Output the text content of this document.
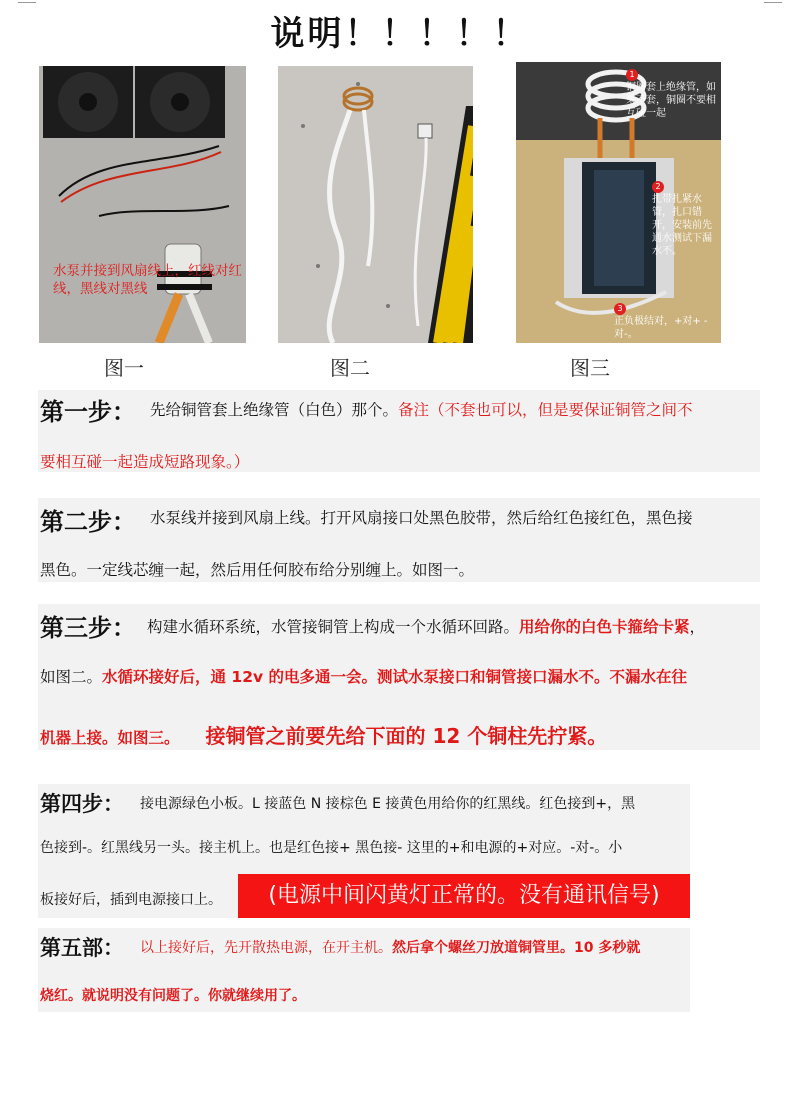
说明！！！！！
水泵并接到风扇线上，红线对红线，黑线对黑线
图一	图二
1
铜圈套上绝缘管，如果不套，铜圈不要相互碰一起
2
扎带扎紧水管，扎口错开，安装前先通水测试下漏水不。
3
正负极结对，+对+ -对-。
图三
第一步： 先给铜管套上绝缘管（白色）那个。备注（不套也可以，但是要保证铜管之间不
要相互碰一起造成短路现象。）
第二步： 水泵线并接到风扇上线。打开风扇接口处黑色胶带，然后给红色接红色，黑色接
黑色。一定线芯缠一起，然后用任何胶布给分别缠上。如图一。
第三步： 构建水循环系统，水管接铜管上构成一个水循环回路。用给你的白色卡箍给卡紧，
如图二。水循环接好后，通 12v 的电多通一会。测试水泵接口和铜管接口漏水不。不漏水在往
机器上接。如图三。 接铜管之前要先给下面的 12 个铜柱先拧紧。
第四步： 接电源绿色小板。L 接蓝色 N 接棕色 E 接黄色用给你的红黑线。红色接到+，黑
色接到-。红黑线另一头。接主机上。也是红色接+ 黑色接- 这里的+和电源的+对应。-对-。小
板接好后，插到电源接口上。	(电源中间闪黄灯正常的。没有通讯信号)
第五部： 以上接好后，先开散热电源，在开主机。然后拿个螺丝刀放道铜管里。10 多秒就
烧红。就说明没有问题了。你就继续用了。
